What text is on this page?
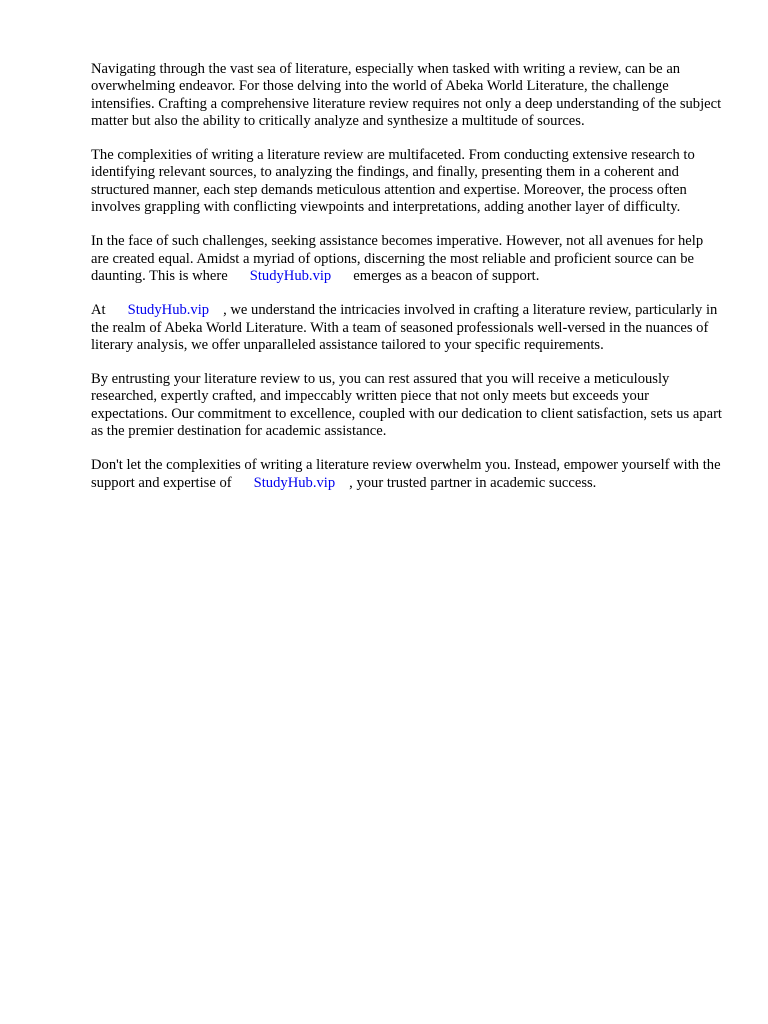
Navigating through the vast sea of literature, especially when tasked with writing a review, can be an overwhelming endeavor. For those delving into the world of Abeka World Literature, the challenge intensifies. Crafting a comprehensive literature review requires not only a deep understanding of the subject matter but also the ability to critically analyze and synthesize a multitude of sources.

The complexities of writing a literature review are multifaceted. From conducting extensive research to identifying relevant sources, to analyzing the findings, and finally, presenting them in a coherent and structured manner, each step demands meticulous attention and expertise. Moreover, the process often involves grappling with conflicting viewpoints and interpretations, adding another layer of difficulty.

In the face of such challenges, seeking assistance becomes imperative. However, not all avenues for help are created equal. Amidst a myriad of options, discerning the most reliable and proficient source can be daunting. This is where StudyHub.vip emerges as a beacon of support.

At StudyHub.vip , we understand the intricacies involved in crafting a literature review, particularly in the realm of Abeka World Literature. With a team of seasoned professionals well-versed in the nuances of literary analysis, we offer unparalleled assistance tailored to your specific requirements.

By entrusting your literature review to us, you can rest assured that you will receive a meticulously researched, expertly crafted, and impeccably written piece that not only meets but exceeds your expectations. Our commitment to excellence, coupled with our dedication to client satisfaction, sets us apart as the premier destination for academic assistance.

Don't let the complexities of writing a literature review overwhelm you. Instead, empower yourself with the support and expertise of StudyHub.vip , your trusted partner in academic success.
